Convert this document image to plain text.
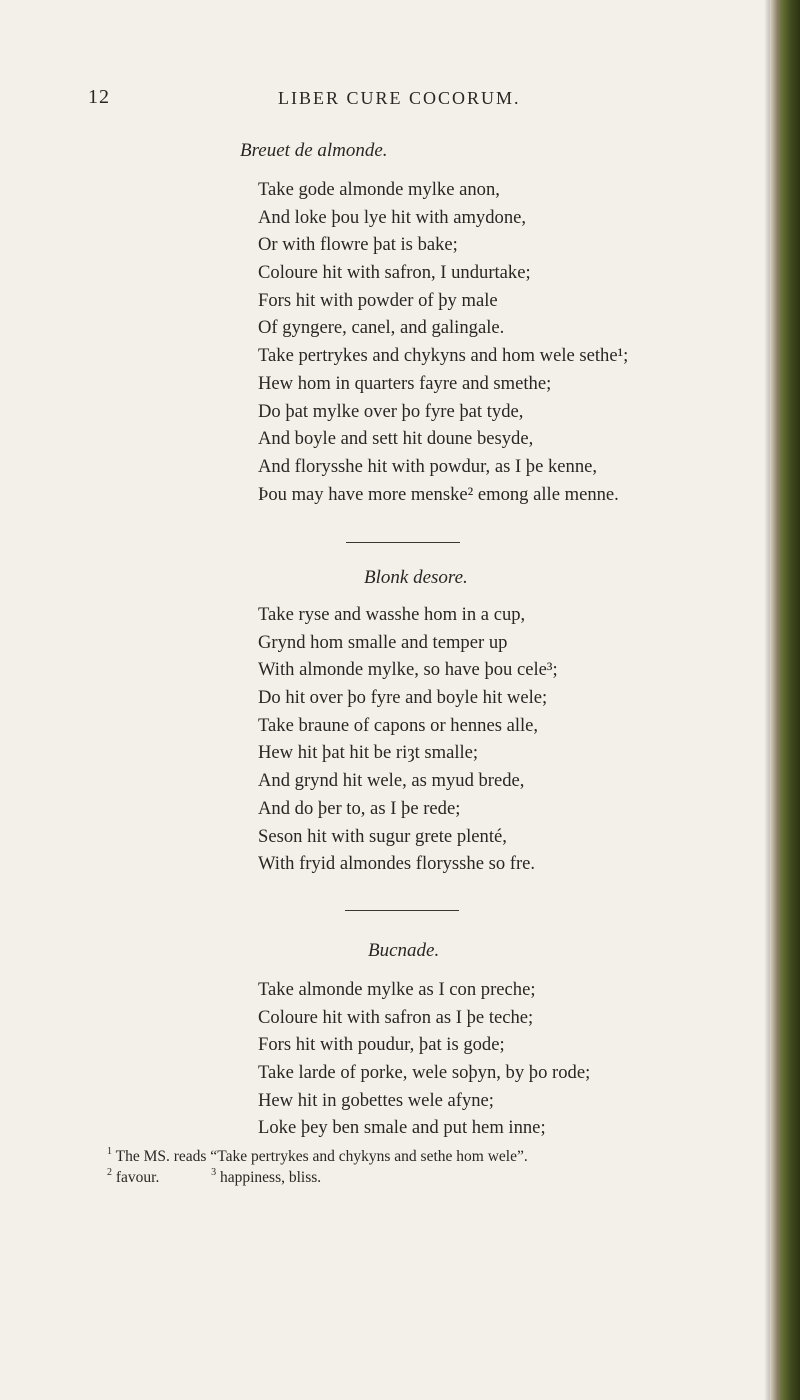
12	LIBER CURE COCORUM.
Breuet de almonde.
Take gode almonde mylke anon,
And loke þou lye hit with amydone,
Or with flowre þat is bake;
Coloure hit with safron, I undurtake;
Fors hit with powder of þy male
Of gyngere, canel, and galingale.
Take pertrykes and chykyns and hom wele sethe¹;
Hew hom in quarters fayre and smethe;
Do þat mylke over þo fyre þat tyde,
And boyle and sett hit doune besyde,
And florysshe hit with powdur, as I þe kenne,
Þou may have more menske² emong alle menne.
Blonk desore.
Take ryse and wasshe hom in a cup,
Grynd hom smalle and temper up
With almonde mylke, so have þou cele³;
Do hit over þo fyre and boyle hit wele;
Take braune of capons or hennes alle,
Hew hit þat hit be riȝt smalle;
And grynd hit wele, as myud brede,
And do þer to, as I þe rede;
Seson hit with sugur grete plenté,
With fryid almondes florysshe so fre.
Bucnade.
Take almonde mylke as I con preche;
Coloure hit with safron as I þe teche;
Fors hit with poudur, þat is gode;
Take larde of porke, wele soþyn, by þo rode;
Hew hit in gobettes wele afyne;
Loke þey ben smale and put hem inne;
$^1$ The MS. reads “Take pertrykes and chykyns and sethe hom wele”.
$^2$ favour.	$^3$ happiness, bliss.
